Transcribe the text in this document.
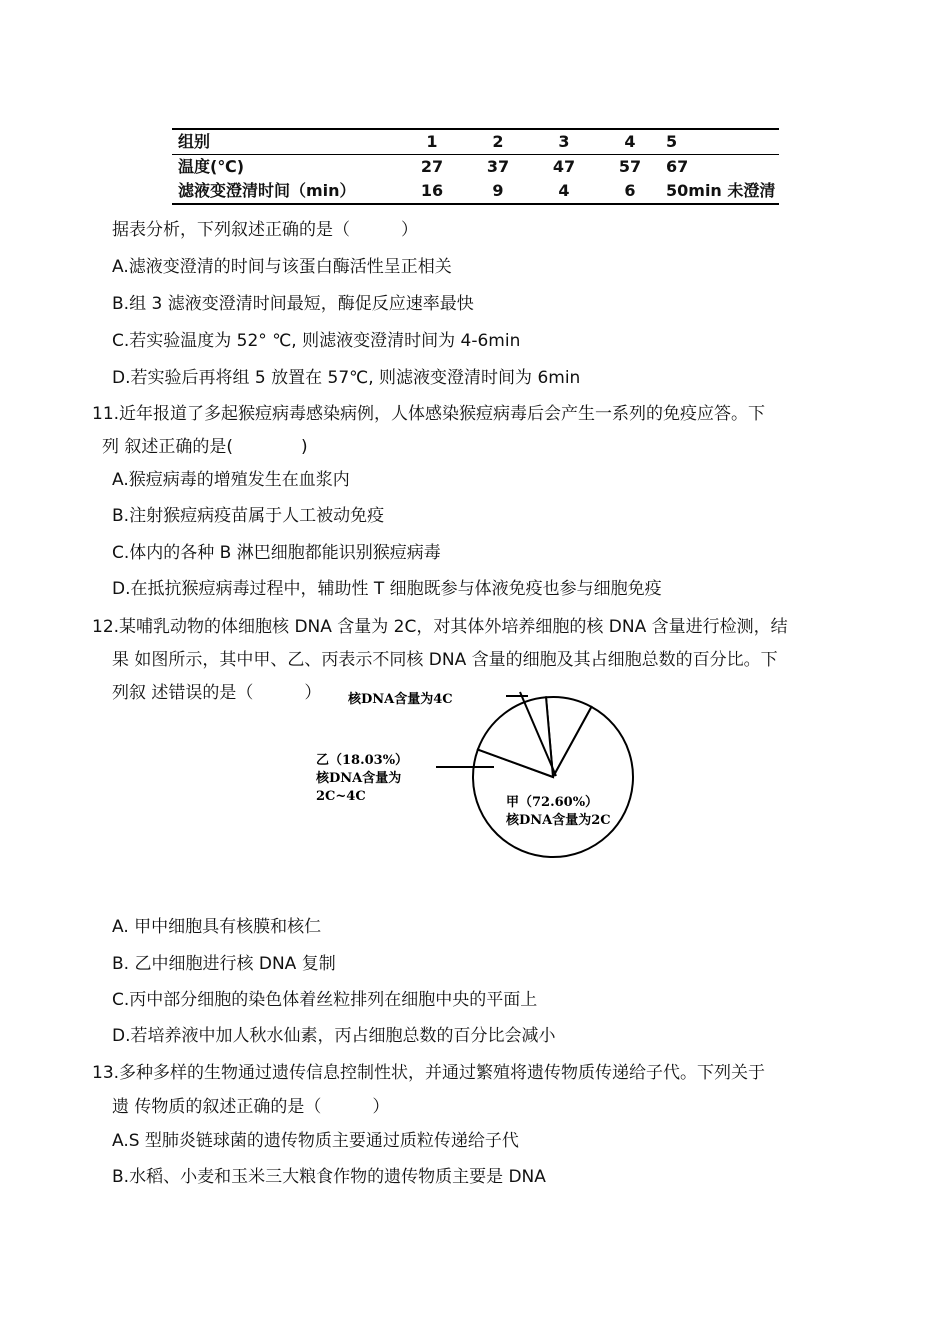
组别	1	2	3	4	5
温度(℃)	27	37	47	57	67
滤液变澄清时间（min）	16	9	4	6	50min 未澄清
据表分析，下列叙述正确的是（　　　）
A.滤液变澄清的时间与该蛋白酶活性呈正相关
B.组 3 滤液变澄清时间最短，酶促反应速率最快
C.若实验温度为 52° ℃, 则滤液变澄清时间为 4-6min
D.若实验后再将组 5 放置在 57℃, 则滤液变澄清时间为 6min
11.近年报道了多起猴痘病毒感染病例，人体感染猴痘病毒后会产生一系列的免疫应答。下
列 叙述正确的是(　　　　)
A.猴痘病毒的增殖发生在血浆内
B.注射猴痘病疫苗属于人工被动免疫
C.体内的各种 B 淋巴细胞都能识别猴痘病毒
D.在抵抗猴痘病毒过程中，辅助性 T 细胞既参与体液免疫也参与细胞免疫
12.某哺乳动物的体细胞核 DNA 含量为 2C，对其体外培养细胞的核 DNA 含量进行检测，结
果 如图所示，其中甲、乙、丙表示不同核 DNA 含量的细胞及其占细胞总数的百分比。下
列叙 述错误的是（　　　） 核DNA含量为4C
乙（18.03%）
核DNA含量为
2C~4C	甲（72.60%）
核DNA含量为2C
A. 甲中细胞具有核膜和核仁
B. 乙中细胞进行核 DNA 复制
C.丙中部分细胞的染色体着丝粒排列在细胞中央的平面上
D.若培养液中加人秋水仙素，丙占细胞总数的百分比会减小
13.多种多样的生物通过遗传信息控制性状，并通过繁殖将遗传物质传递给子代。下列关于
遗 传物质的叙述正确的是（　　　）
A.S 型肺炎链球菌的遗传物质主要通过质粒传递给子代
B.水稻、小麦和玉米三大粮食作物的遗传物质主要是 DNA
